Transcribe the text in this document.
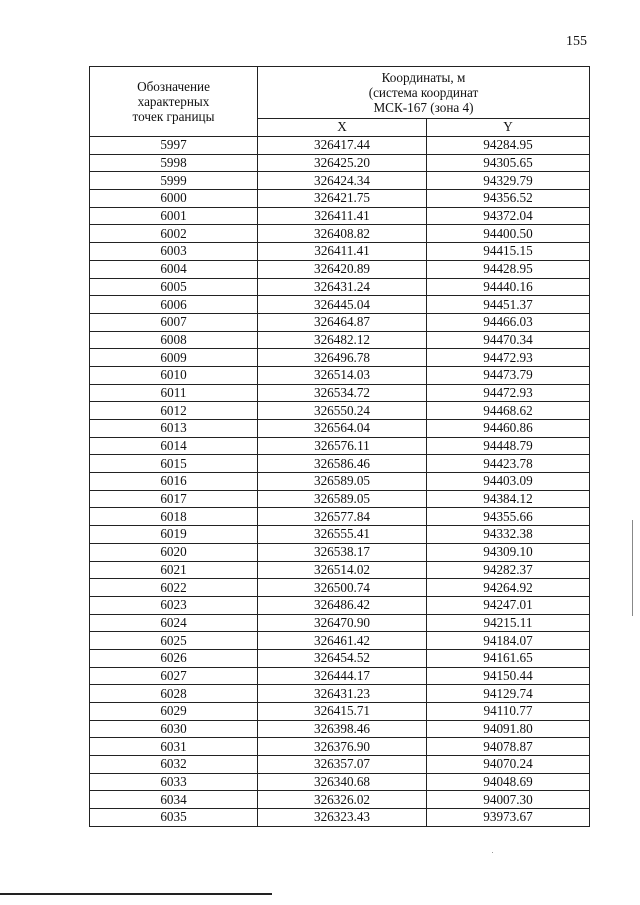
155
Обозначение
характерных
точек границы	Координаты, м
(система координат
МСК-167 (зона 4)	

	X	Y
5997	326417.44	94284.95
5998	326425.20	94305.65
5999	326424.34	94329.79
6000	326421.75	94356.52
6001	326411.41	94372.04
6002	326408.82	94400.50
6003	326411.41	94415.15
6004	326420.89	94428.95
6005	326431.24	94440.16
6006	326445.04	94451.37
6007	326464.87	94466.03
6008	326482.12	94470.34
6009	326496.78	94472.93
6010	326514.03	94473.79
6011	326534.72	94472.93
6012	326550.24	94468.62
6013	326564.04	94460.86
6014	326576.11	94448.79
6015	326586.46	94423.78
6016	326589.05	94403.09
6017	326589.05	94384.12
6018	326577.84	94355.66
6019	326555.41	94332.38
6020	326538.17	94309.10
6021	326514.02	94282.37
6022	326500.74	94264.92
6023	326486.42	94247.01
6024	326470.90	94215.11
6025	326461.42	94184.07
6026	326454.52	94161.65
6027	326444.17	94150.44
6028	326431.23	94129.74
6029	326415.71	94110.77
6030	326398.46	94091.80
6031	326376.90	94078.87
6032	326357.07	94070.24
6033	326340.68	94048.69
6034	326326.02	94007.30
6035	326323.43	93973.67
